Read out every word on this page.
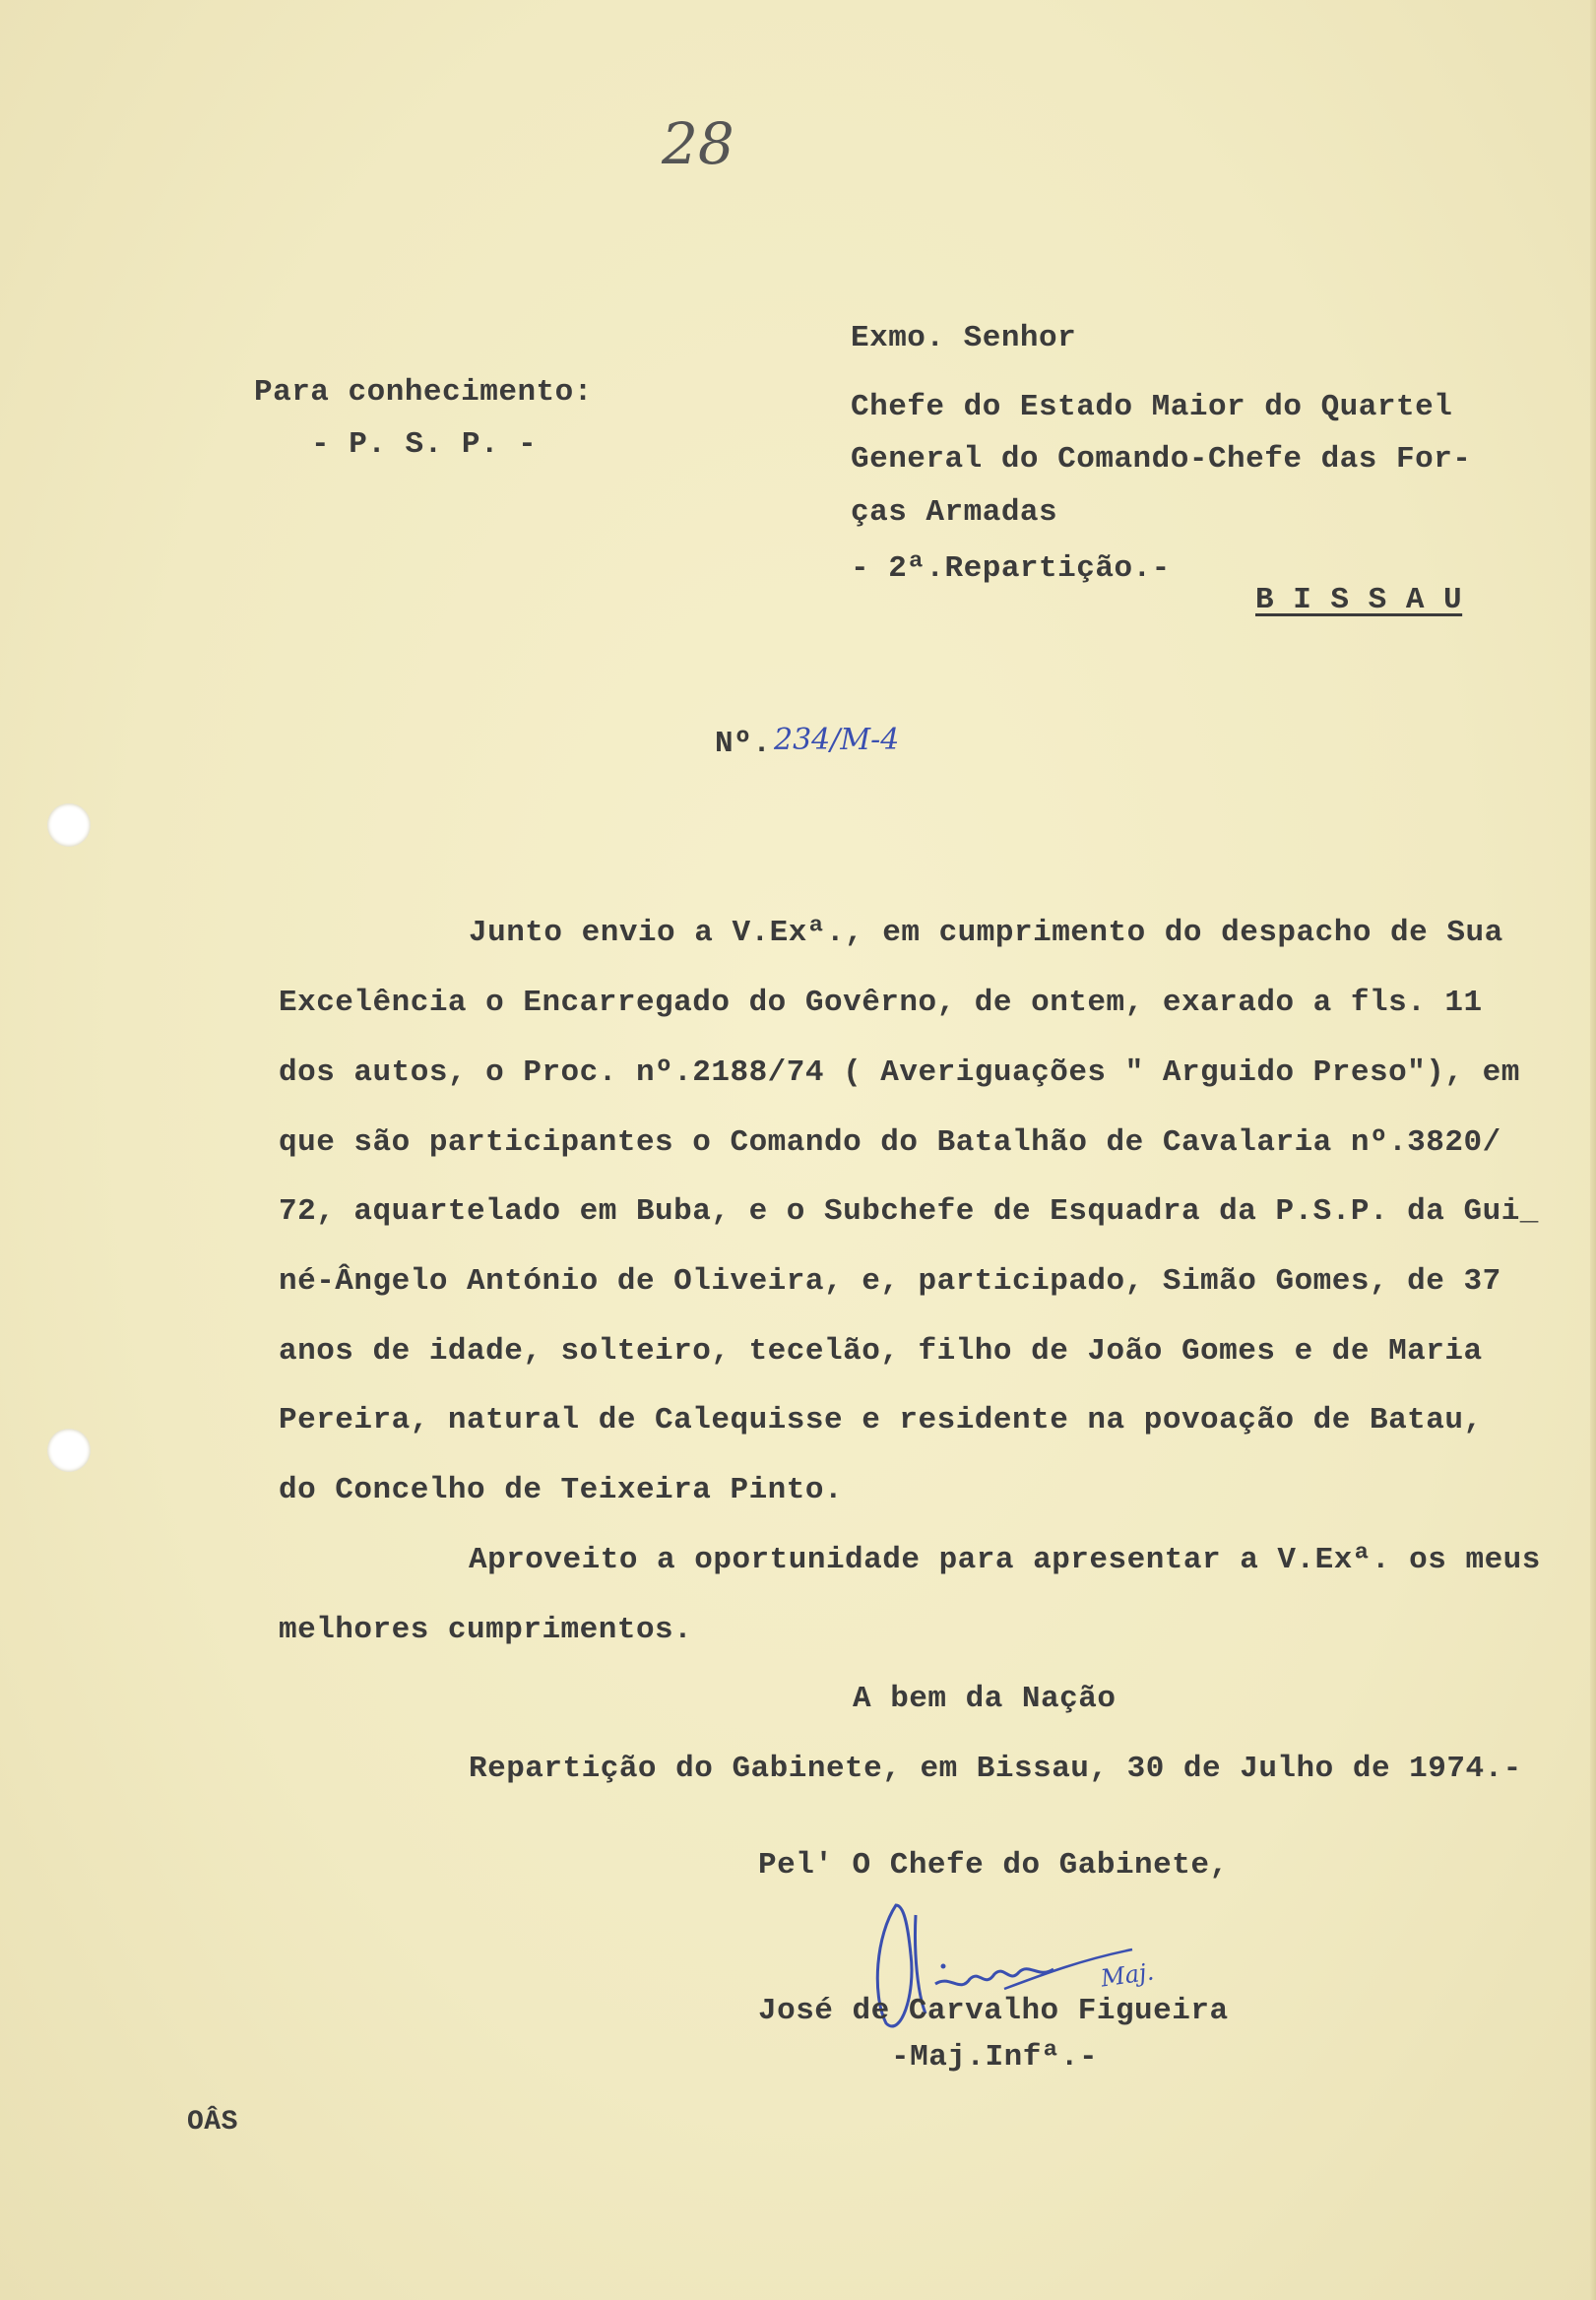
28
Exmo. Senhor
Chefe do Estado Maior do Quartel
General do Comando-Chefe das For-
ças Armadas
- 2ª.Repartição.-
B I S S A U
Para conhecimento:
- P. S. P. -
Nº. 234/M-4
Junto envio a V.Exª., em cumprimento do despacho de Sua
Excelência o Encarregado do Govêrno, de ontem, exarado a fls. 11
dos autos, o Proc. nº.2188/74 ( Averiguações " Arguido Preso"), em
que são participantes o Comando do Batalhão de Cavalaria nº.3820/
72, aquartelado em Buba, e o Subchefe de Esquadra da P.S.P. da Gui_
né-Ângelo António de Oliveira, e, participado, Simão Gomes, de 37
anos de idade, solteiro, tecelão, filho de João Gomes e de Maria
Pereira, natural de Calequisse e residente na povoação de Batau,
do Concelho de Teixeira Pinto.
Aproveito a oportunidade para apresentar a V.Exª. os meus
melhores cumprimentos.
A bem da Nação
Repartição do Gabinete, em Bissau, 30 de Julho de 1974.-
Pel' O Chefe do Gabinete,
Maj.
José de Carvalho Figueira
-Maj.Infª.-
OÂS
